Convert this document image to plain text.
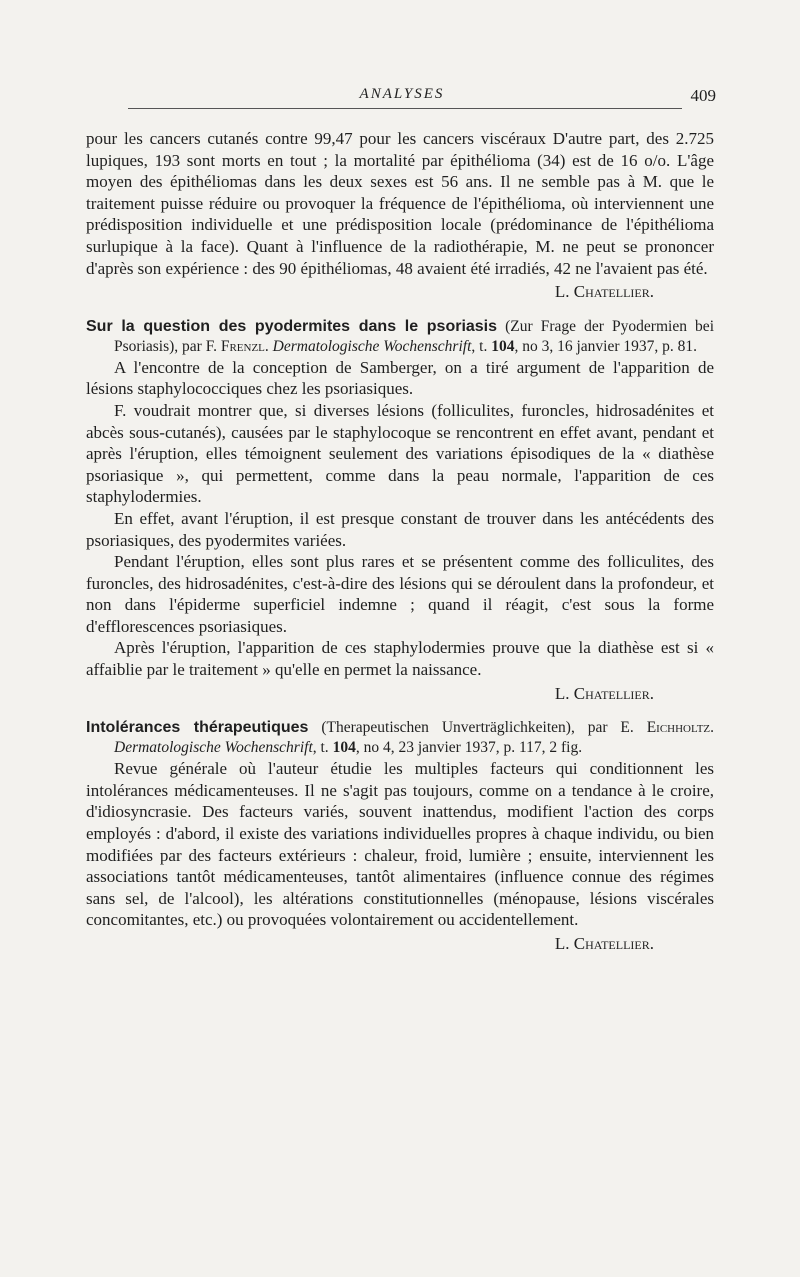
ANALYSES	409

pour les cancers cutanés contre 99,47 pour les cancers viscéraux D'autre part, des 2.725 lupiques, 193 sont morts en tout ; la mortalité par épithélioma (34) est de 16 o/o. L'âge moyen des épithéliomas dans les deux sexes est 56 ans. Il ne semble pas à M. que le traitement puisse réduire ou provoquer la fréquence de l'épithélioma, où interviennent une prédisposition individuelle et une prédisposition locale (prédominance de l'épithélioma surlupique à la face). Quant à l'influence de la radiothérapie, M. ne peut se prononcer d'après son expérience : des 90 épithéliomas, 48 avaient été irradiés, 42 ne l'avaient pas été.

L. Chatellier.

Sur la question des pyodermites dans le psoriasis (Zur Frage der Pyodermien bei Psoriasis), par F. Frenzl. Dermatologische Wochenschrift, t. 104, no 3, 16 janvier 1937, p. 81.

A l'encontre de la conception de Samberger, on a tiré argument de l'apparition de lésions staphylococciques chez les psoriasiques.

F. voudrait montrer que, si diverses lésions (folliculites, furoncles, hidrosadénites et abcès sous-cutanés), causées par le staphylocoque se rencontrent en effet avant, pendant et après l'éruption, elles témoignent seulement des variations épisodiques de la « diathèse psoriasique », qui permettent, comme dans la peau normale, l'apparition de ces staphylodermies.

En effet, avant l'éruption, il est presque constant de trouver dans les antécédents des psoriasiques, des pyodermites variées.

Pendant l'éruption, elles sont plus rares et se présentent comme des folliculites, des furoncles, des hidrosadénites, c'est-à-dire des lésions qui se déroulent dans la profondeur, et non dans l'épiderme superficiel indemne ; quand il réagit, c'est sous la forme d'efflorescences psoriasiques.

Après l'éruption, l'apparition de ces staphylodermies prouve que la diathèse est si « affaiblie par le traitement » qu'elle en permet la naissance.

L. Chatellier.

Intolérances thérapeutiques (Therapeutischen Unverträglichkeiten), par E. Eichholtz. Dermatologische Wochenschrift, t. 104, no 4, 23 janvier 1937, p. 117, 2 fig.

Revue générale où l'auteur étudie les multiples facteurs qui conditionnent les intolérances médicamenteuses. Il ne s'agit pas toujours, comme on a tendance à le croire, d'idiosyncrasie. Des facteurs variés, souvent inattendus, modifient l'action des corps employés : d'abord, il existe des variations individuelles propres à chaque individu, ou bien modifiées par des facteurs extérieurs : chaleur, froid, lumière ; ensuite, interviennent les associations tantôt médicamenteuses, tantôt alimentaires (influence connue des régimes sans sel, de l'alcool), les altérations constitutionnelles (ménopause, lésions viscérales concomitantes, etc.) ou provoquées volontairement ou accidentellement.

L. Chatellier.
